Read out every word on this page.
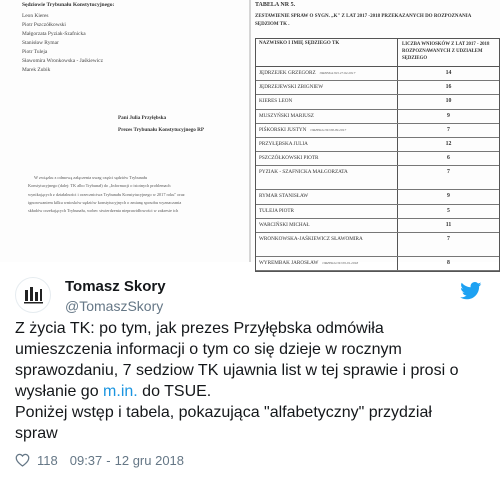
Sędziowie Trybunału Konstytucyjnego:
Leon Kieres
Piotr Pszczółkowski
Małgorzata Pyziak-Szafnicka
Stanisław Rymar
Piotr Tuleja
Sławomira Wronkowska - Jaśkiewicz
Marek Zubik
Pani Julia Przyłębska
Prezes Trybunału Konstytucyjnego RP
W związku z odmową załączenia uwag części sędziów Trybunału
Konstytucyjnego (dalej: TK albo Trybunał) do „Informacji o istotnych problemach
wynikających z działalności i orzecznictwa Trybunału Konstytucyjnego w 2017 roku" oraz
ignorowaniem kilku wniosków sędziów konstytucyjnych o zmianę sposobu wyznaczania
składów orzekających Trybunału, wobec stwierdzenia nieprawidłowości w zakresie ich
TABELA NR 5.
ZESTAWIENIE SPRAW O SYGN. „K" Z LAT 2017 -2018 PRZEKAZANYCH DO ROZPOZNANIA SĘDZIOM TK .
NAZWISKO I IMIĘ SĘDZIEGO TK	LICZBA WNIOSKÓW Z LAT 2017 - 2018 ROZPOZNAWANYCH Z UDZIAŁEM SĘDZIEGO
JĘDRZEJEK GRZEGORZ ORZEKA OD 27.02.2017	14
JĘDRZEJEWSKI ZBIGNIEW	16
KIERES LEON	10
MUSZYŃSKI MARIUSZ	9
PIŚKORSKI JUSTYN ORZEKA OD 08.09.2017	7
PRZYŁĘBSKA JULIA	12
PSZCZÓŁKOWSKI PIOTR	6
PYZIAK - SZAFNICKA MAŁGORZATA	7
RYMAR STANISŁAW	9
TULEJA PIOTR	5
WARCIŃSKI MICHAŁ	11
WRONKOWSKA-JAŚKIEWICZ SŁAWOMIRA	7
WYREMBAK JAROSŁAW ORZEKA OD 09.01.2018	8
Tomasz Skory
@TomaszSkory
Z życia TK: po tym, jak prezes Przyłębska odmówiła
umieszczenia informacji o tym co się dzieje w rocznym
sprawozdaniu, 7 sedziow TK ujawnia list w tej sprawie i prosi o
wysłanie go m.in. do TSUE.
Poniżej wstęp i tabela, pokazująca "alfabetyczny" przydział
spraw
118 09:37 - 12 gru 2018
